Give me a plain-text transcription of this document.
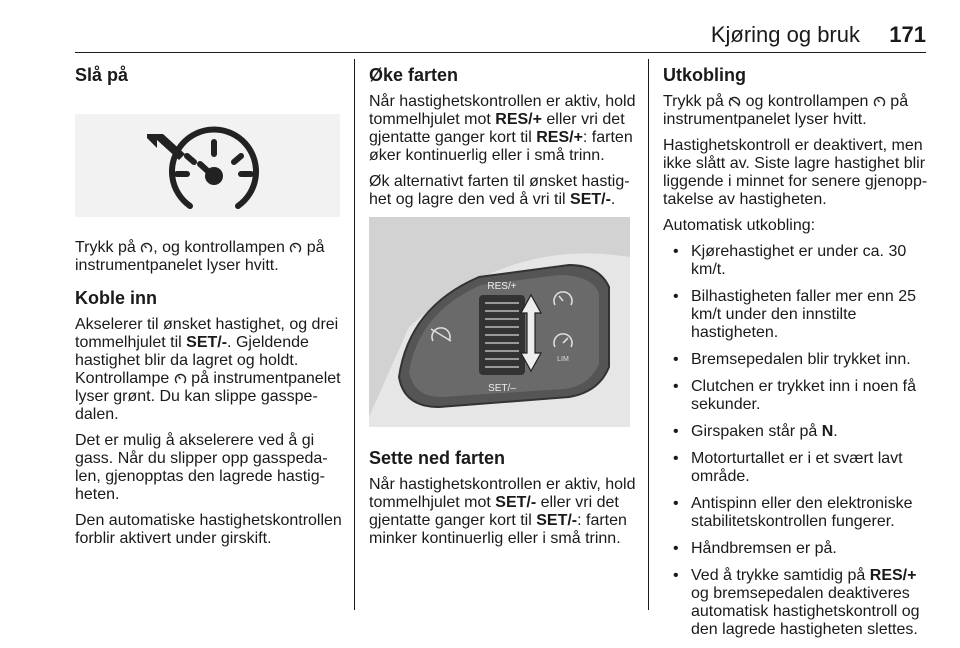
Kjøring og bruk	171
Slå på

Trykk på , og kontrollampen  på instrumentpanelet lyser hvitt.

Koble inn

Akselerer til ønsket hastighet, og drei tommelhjulet til SET/-. Gjeldende hastighet blir da lagret og holdt. Kontrollampe  på instrumentpanelet lyser grønt. Du kan slippe gasspedalen.

Det er mulig å akselerere ved å gi gass. Når du slipper opp gasspedalen, gjenopptas den lagrede hastigheten.

Den automatiske hastighetskontrollen forblir aktivert under girskift.

Øke farten

Når hastighetskontrollen er aktiv, hold tommelhjulet mot RES/+ eller vri det gjentatte ganger kort til RES/+: farten øker kontinuerlig eller i små trinn.

Øk alternativt farten til ønsket hastighet og lagre den ved å vri til SET/-.

RES/+
SET/–
LIM
Sette ned farten

Når hastighetskontrollen er aktiv, hold tommelhjulet mot SET/- eller vri det gjentatte ganger kort til SET/-: farten minker kontinuerlig eller i små trinn.

Utkobling

Trykk på  og kontrollampen  på instrumentpanelet lyser hvitt.

Hastighetskontroll er deaktivert, men ikke slått av. Siste lagre hastighet blir liggende i minnet for senere gjenopptakelse av hastigheten.

Automatisk utkobling:

• Kjørehastighet er under ca. 30 km/t.
• Bilhastigheten faller mer enn 25 km/t under den innstilte hastigheten.
• Bremsepedalen blir trykket inn.
• Clutchen er trykket inn i noen få sekunder.
• Girspaken står på N.
• Motorturtallet er i et svært lavt område.
• Antispinn eller den elektroniske stabilitetskontrollen fungerer.
• Håndbremsen er på.
• Ved å trykke samtidig på RES/+ og bremsepedalen deaktiveres automatisk hastighetskontroll og den lagrede hastigheten slettes.
